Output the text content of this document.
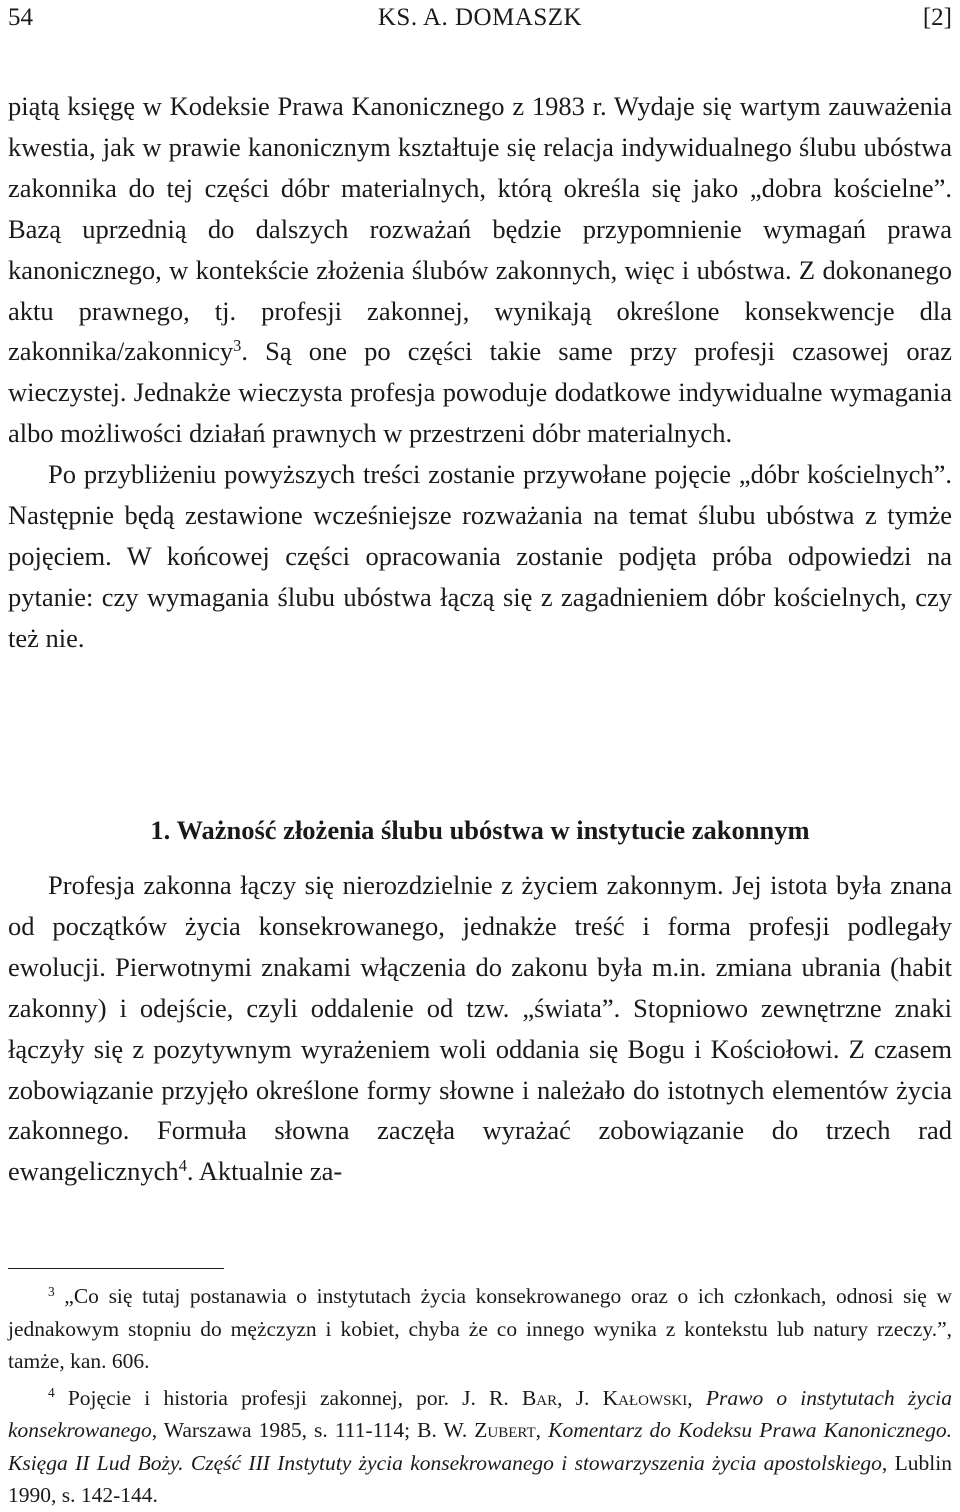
54	KS. A. DOMASZK	[2]

piątą księgę w Kodeksie Prawa Kanonicznego z 1983 r. Wydaje się wartym zauważenia kwestia, jak w prawie kanonicznym kształtuje się relacja indywidualnego ślubu ubóstwa zakonnika do tej części dóbr materialnych, którą określa się jako „dobra kościelne”. Bazą uprzednią do dalszych rozważań będzie przypomnienie wymagań prawa kanonicznego, w kontekście złożenia ślubów zakonnych, więc i ubóstwa. Z dokonanego aktu prawnego, tj. profesji zakonnej, wynikają określone konsekwencje dla zakonnika/zakonnicy$^3$. Są one po części takie same przy profesji czasowej oraz wieczystej. Jednakże wieczysta profesja powoduje dodatkowe indywidualne wymagania albo możliwości działań prawnych w przestrzeni dóbr materialnych.

Po przybliżeniu powyższych treści zostanie przywołane pojęcie „dóbr kościelnych”. Następnie będą zestawione wcześniejsze rozważania na temat ślubu ubóstwa z tymże pojęciem. W końcowej części opracowania zostanie podjęta próba odpowiedzi na pytanie: czy wymagania ślubu ubóstwa łączą się z zagadnieniem dóbr kościelnych, czy też nie.

1. Ważność złożenia ślubu ubóstwa w instytucie zakonnym

Profesja zakonna łączy się nierozdzielnie z życiem zakonnym. Jej istota była znana od początków życia konsekrowanego, jednakże treść i forma profesji podlegały ewolucji. Pierwotnymi znakami włączenia do zakonu była m.in. zmiana ubrania (habit zakonny) i odejście, czyli oddalenie od tzw. „świata”. Stopniowo zewnętrzne znaki łączyły się z pozytywnym wyrażeniem woli oddania się Bogu i Kościołowi. Z czasem zobowiązanie przyjęło określone formy słowne i należało do istotnych elementów życia zakonnego. Formuła słowna zaczęła wyrażać zobowiązanie do trzech rad ewangelicznych$^4$. Aktualnie za-

$^3$ „Co się tutaj postanawia o instytutach życia konsekrowanego oraz o ich członkach, odnosi się w jednakowym stopniu do mężczyzn i kobiet, chyba że co innego wynika z kontekstu lub natury rzeczy.”, tamże, kan. 606.

$^4$ Pojęcie i historia profesji zakonnej, por. J. R. Bar, J. Kałowski, Prawo o instytutach życia konsekrowanego, Warszawa 1985, s. 111-114; B. W. Zubert, Komentarz do Kodeksu Prawa Kanonicznego. Księga II Lud Boży. Część III Instytuty życia konsekrowanego i stowarzyszenia życia apostolskiego, Lublin 1990, s. 142-144.
